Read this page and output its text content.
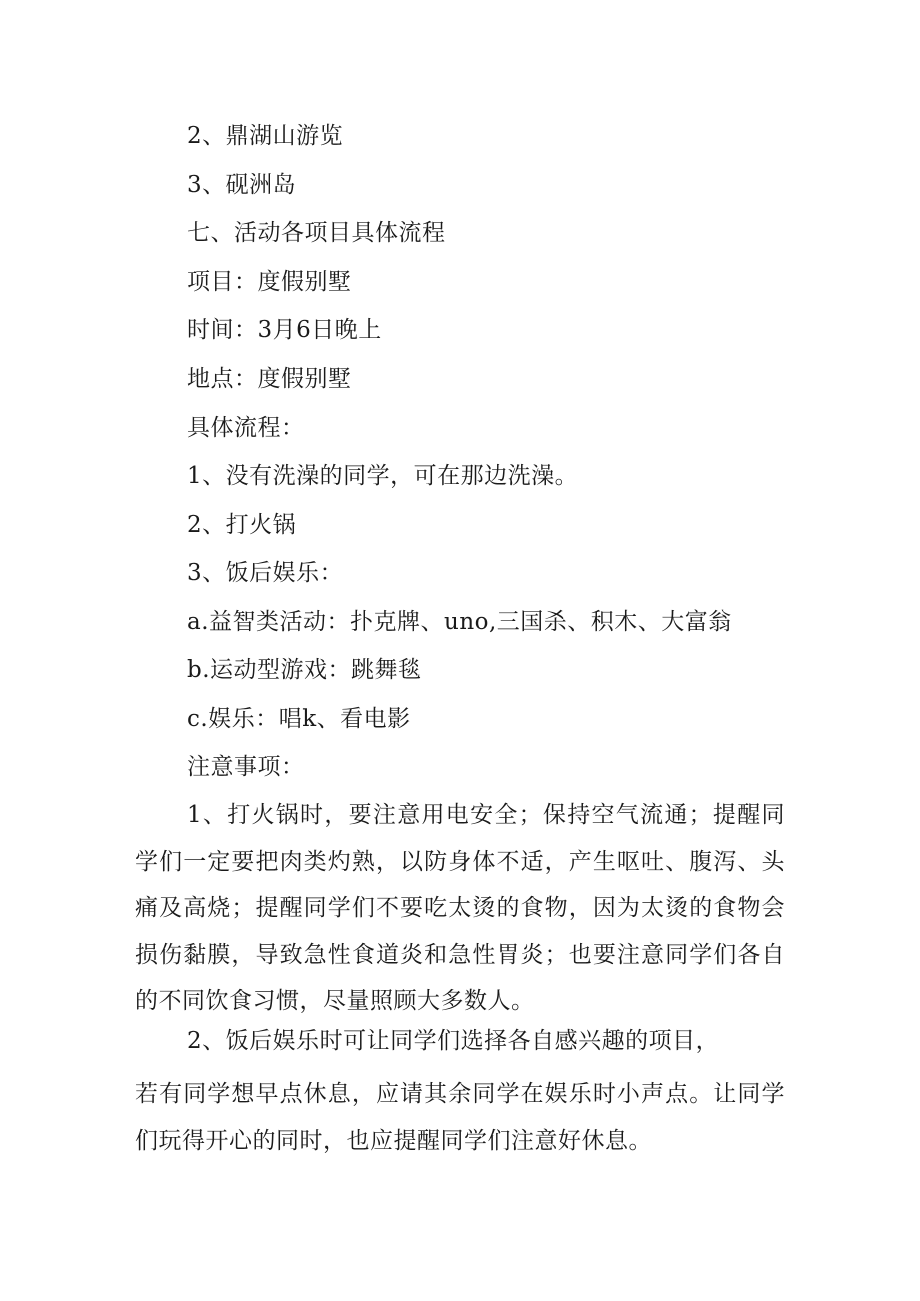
2、鼎湖山游览
3、砚洲岛
七、活动各项目具体流程
项目：度假别墅
时间：3月6日晚上
地点：度假别墅
具体流程：
1、没有洗澡的同学，可在那边洗澡。
2、打火锅
3、饭后娱乐：
a.益智类活动：扑克牌、uno,三国杀、积木、大富翁
b.运动型游戏：跳舞毯
c.娱乐：唱k、看电影
注意事项：
1、打火锅时，要注意用电安全；保持空气流通；提醒同学们一定要把肉类灼熟，以防身体不适，产生呕吐、腹泻、头痛及高烧；提醒同学们不要吃太烫的食物，因为太烫的食物会损伤黏膜，导致急性食道炎和急性胃炎；也要注意同学们各自的不同饮食习惯，尽量照顾大多数人。
2、饭后娱乐时可让同学们选择各自感兴趣的项目，
若有同学想早点休息，应请其余同学在娱乐时小声点。让同学们玩得开心的同时，也应提醒同学们注意好休息。
